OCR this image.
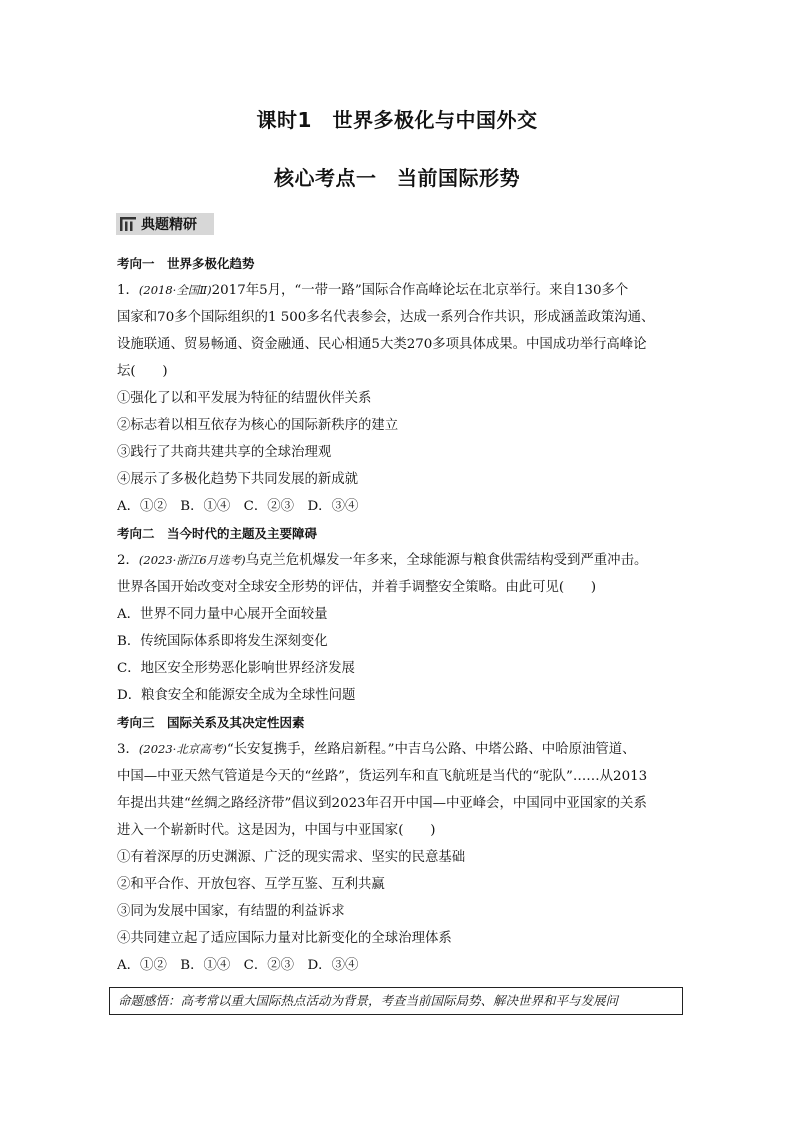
课时1　世界多极化与中国外交
核心考点一　当前国际形势
典题精研
考向一　世界多极化趋势
1．(2018·全国Ⅱ)2017年5月，“一带一路”国际合作高峰论坛在北京举行。来自130多个
国家和70多个国际组织的1 500多名代表参会，达成一系列合作共识，形成涵盖政策沟通、
设施联通、贸易畅通、资金融通、民心相通5大类270多项具体成果。中国成功举行高峰论
坛(　　)
①强化了以和平发展为特征的结盟伙伴关系
②标志着以相互依存为核心的国际新秩序的建立
③践行了共商共建共享的全球治理观
④展示了多极化趋势下共同发展的新成就
A．①②　B．①④　C．②③　D．③④
考向二　当今时代的主题及主要障碍
2．(2023·浙江6月选考)乌克兰危机爆发一年多来，全球能源与粮食供需结构受到严重冲击。
世界各国开始改变对全球安全形势的评估，并着手调整安全策略。由此可见(　　)
A．世界不同力量中心展开全面较量
B．传统国际体系即将发生深刻变化
C．地区安全形势恶化影响世界经济发展
D．粮食安全和能源安全成为全球性问题
考向三　国际关系及其决定性因素
3．(2023·北京高考)“长安复携手，丝路启新程。”中吉乌公路、中塔公路、中哈原油管道、
中国—中亚天然气管道是今天的“丝路”，货运列车和直飞航班是当代的“驼队”……从2013
年提出共建“丝绸之路经济带”倡议到2023年召开中国—中亚峰会，中国同中亚国家的关系
进入一个崭新时代。这是因为，中国与中亚国家(　　)
①有着深厚的历史渊源、广泛的现实需求、坚实的民意基础
②和平合作、开放包容、互学互鉴、互利共赢
③同为发展中国家，有结盟的利益诉求
④共同建立起了适应国际力量对比新变化的全球治理体系
A．①②　B．①④　C．②③　D．③④
命题感悟：高考常以重大国际热点活动为背景，考查当前国际局势、解决世界和平与发展问
